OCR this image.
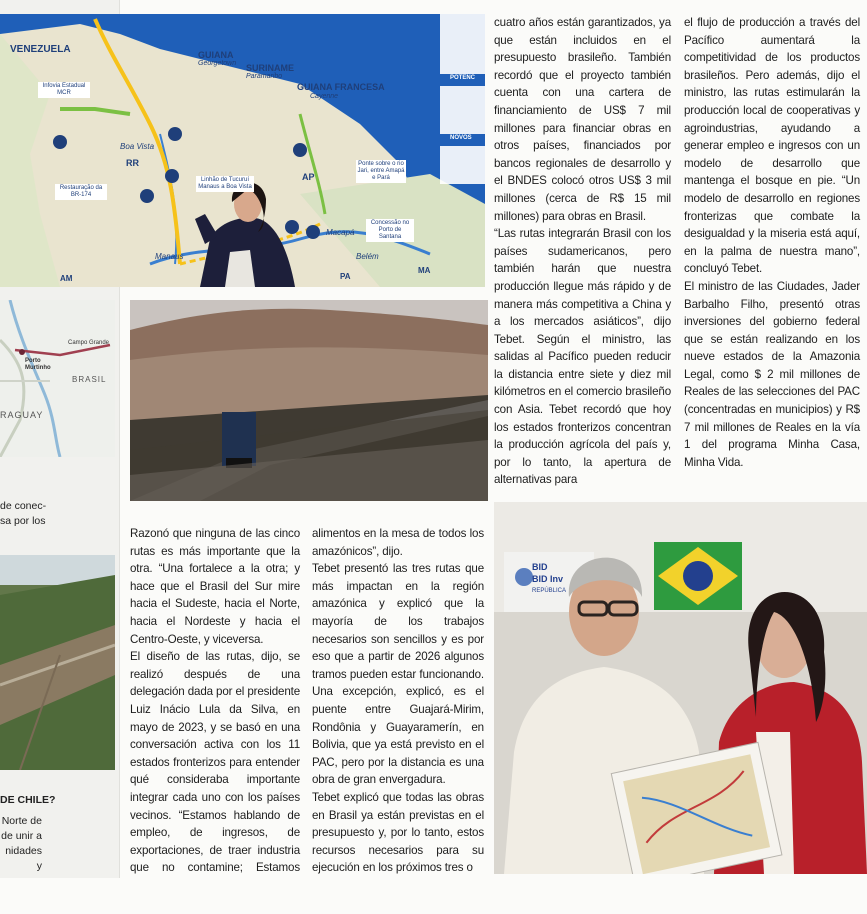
VENEZUELA	GUIANA
Georgetown SURINAME
Paramaribo
GUIANA FRANCESA
Cayenne
Boa Vista
RR
AP
Macapá
Belém
Manaus
AM	PA
MA
Infovia Estadual MCR
Restauração da BR-174
Linhão de Tucuruí Manaus a Boa Vista
Ponte sobre o rio Jari, entre Amapá e Pará
Concessão no Porto de Santana
POTENC
NOVOS
Campo Grande
Porto Murtinho
BRASIL
RAGUAY
de conec-
sa por los
DE CHILE?
Norte de
de unir a
nidades y

cuatro años están garantizados, ya que están incluidos en el presupuesto brasileño. También recordó que el proyecto también cuenta con una cartera de financiamiento de US$ 7 mil millones para financiar obras en otros países, financiados por bancos regionales de desarrollo y el BNDES colocó otros US$ 3 mil millones (cerca de R$ 15 mil millones) para obras en Brasil.

“Las rutas integrarán Brasil con los países sudamericanos, pero también harán que nuestra producción llegue más rápido y de manera más competitiva a China y a los mercados asiáticos”, dijo Tebet. Según el ministro, las salidas al Pacífico pueden reducir la distancia entre siete y diez mil kilómetros en el comercio brasileño con Asia. Tebet recordó que hoy los estados fronterizos concentran la producción agrícola del país y, por lo tanto, la apertura de alternativas para

el flujo de producción a través del Pacífico aumentará la competitividad de los productos brasileños. Pero además, dijo el ministro, las rutas estimularán la producción local de cooperativas y agroindustrias, ayudando a generar empleo e ingresos con un modelo de desarrollo que mantenga el bosque en pie. “Un modelo de desarrollo en regiones fronterizas que combate la desigualdad y la miseria está aquí, en la palma de nuestra mano”, concluyó Tebet.

El ministro de las Ciudades, Jader Barbalho Filho, presentó otras inversiones del gobierno federal que se están realizando en los nueve estados de la Amazonia Legal, como $ 2 mil millones de Reales de las selecciones del PAC (concentradas en municipios) y R$ 7 mil millones de Reales en la vía 1 del programa Minha Casa, Minha Vida.

Razonó que ninguna de las cinco rutas es más importante que la otra. “Una fortalece a la otra; y hace que el Brasil del Sur mire hacia el Sudeste, hacia el Norte, hacia el Nordeste y hacia el Centro-Oeste, y viceversa.

El diseño de las rutas, dijo, se realizó después de una delegación dada por el presidente Luiz Inácio Lula da Silva, en mayo de 2023, y se basó en una conversación activa con los 11 estados fronterizos para entender qué consideraba importante integrar cada uno con los países vecinos. “Estamos hablando de empleo, de ingresos, de exportaciones, de traer industria que no contamine; Estamos

alimentos en la mesa de todos los amazónicos”, dijo.

Tebet presentó las tres rutas que más impactan en la región amazónica y explicó que la mayoría de los trabajos necesarios son sencillos y es por eso que a partir de 2026 algunos tramos pueden estar funcionando. Una excepción, explicó, es el puente entre Guajará-Mirim, Rondônia y Guayaramerín, en Bolivia, que ya está previsto en el PAC, pero por la distancia es una obra de gran envergadura.

Tebet explicó que todas las obras en Brasil ya están previstas en el presupuesto y, por lo tanto, estos recursos necesarios para su ejecución en los próximos tres o

BID
BID Inv
REPÚBLICA
